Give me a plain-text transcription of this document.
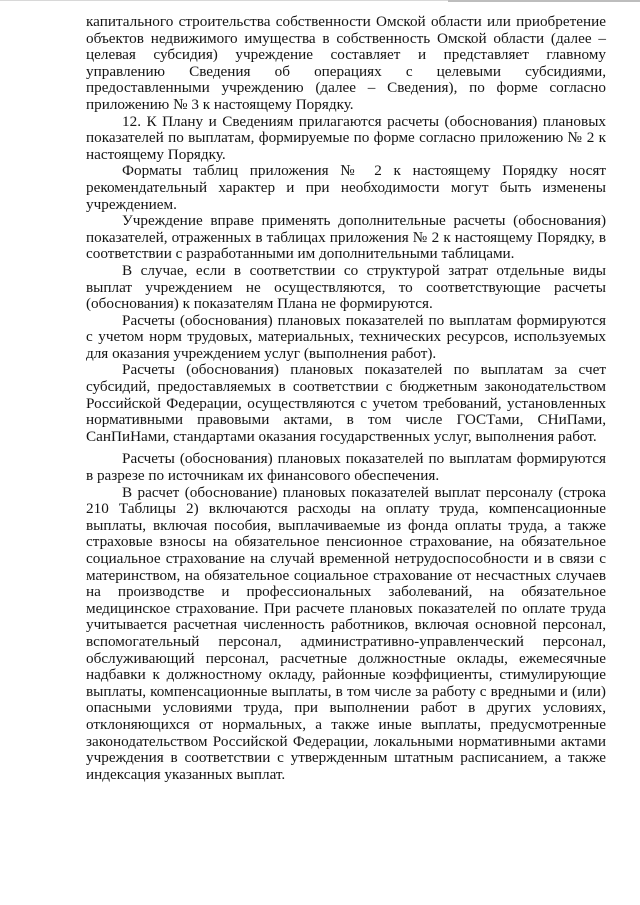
капитального строительства собственности Омской области или приобретение объектов недвижимого имущества в собственность Омской области (далее – целевая субсидия) учреждение составляет и представляет главному управлению Сведения об операциях с целевыми субсидиями, предоставленными учреждению (далее – Сведения), по форме согласно приложению № 3 к настоящему Порядку.

12. К Плану и Сведениям прилагаются расчеты (обоснования) плановых показателей по выплатам, формируемые по форме согласно приложению № 2 к настоящему Порядку.

Форматы таблиц приложения № 2 к настоящему Порядку носят рекомендательный характер и при необходимости могут быть изменены учреждением.

Учреждение вправе применять дополнительные расчеты (обоснования) показателей, отраженных в таблицах приложения № 2 к настоящему Порядку, в соответствии с разработанными им дополнительными таблицами.

В случае, если в соответствии со структурой затрат отдельные виды выплат учреждением не осуществляются, то соответствующие расчеты (обоснования) к показателям Плана не формируются.

Расчеты (обоснования) плановых показателей по выплатам формируются с учетом норм трудовых, материальных, технических ресурсов, используемых для оказания учреждением услуг (выполнения работ).

Расчеты (обоснования) плановых показателей по выплатам за счет субсидий, предоставляемых в соответствии с бюджетным законодательством Российской Федерации, осуществляются с учетом требований, установленных нормативными правовыми актами, в том числе ГОСТами, СНиПами, СанПиНами, стандартами оказания государственных услуг, выполнения работ.

Расчеты (обоснования) плановых показателей по выплатам формируются в разрезе по источникам их финансового обеспечения.

В расчет (обоснование) плановых показателей выплат персоналу (строка 210 Таблицы 2) включаются расходы на оплату труда, компенсационные выплаты, включая пособия, выплачиваемые из фонда оплаты труда, а также страховые взносы на обязательное пенсионное страхование, на обязательное социальное страхование на случай временной нетрудоспособности и в связи с материнством, на обязательное социальное страхование от несчастных случаев на производстве и профессиональных заболеваний, на обязательное медицинское страхование. При расчете плановых показателей по оплате труда учитывается расчетная численность работников, включая основной персонал, вспомогательный персонал, административно-управленческий персонал, обслуживающий персонал, расчетные должностные оклады, ежемесячные надбавки к должностному окладу, районные коэффициенты, стимулирующие выплаты, компенсационные выплаты, в том числе за работу с вредными и (или) опасными условиями труда, при выполнении работ в других условиях, отклоняющихся от нормальных, а также иные выплаты, предусмотренные законодательством Российской Федерации, локальными нормативными актами учреждения в соответствии с утвержденным штатным расписанием, а также индексация указанных выплат.
